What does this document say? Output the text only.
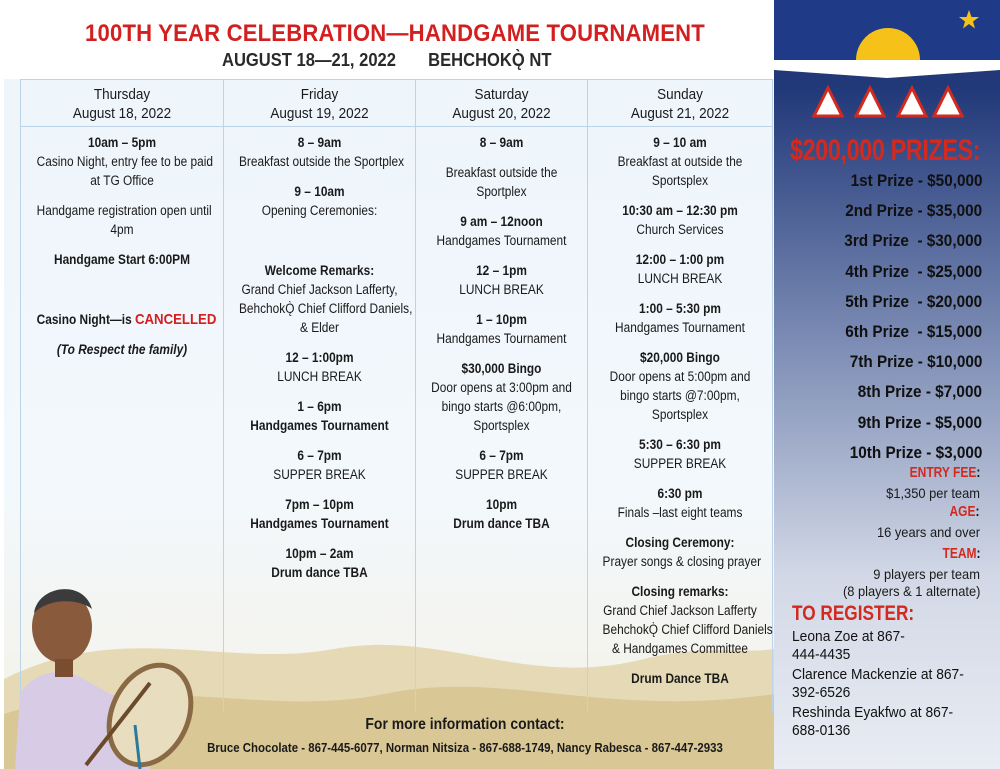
100TH YEAR CELEBRATION—HANDGAME TOURNAMENT
AUGUST 18—21, 2022       BEHCHOKǪ̀ NT
Thursday
August 18, 2022
10am – 5pm
Casino Night, entry fee to be paid
at TG Office
Handgame registration open until
4pm
Handgame Start 6:00PM

Casino Night—is CANCELLED
(To Respect the family)
Friday
August 19, 2022
8 – 9am
Breakfast outside the Sportplex
9 – 10am
Opening Ceremonies:

Welcome Remarks:
Grand Chief Jackson Lafferty,
BehchokǪ̀ Chief Clifford Daniels,
& Elder
12 – 1:00pm
LUNCH BREAK
1 – 6pm
Handgames Tournament
6 – 7pm
SUPPER BREAK
7pm – 10pm
Handgames Tournament
10pm – 2am
Drum dance TBA
Saturday
August 20, 2022
8 – 9am
Breakfast outside the
Sportplex
9 am – 12noon
Handgames Tournament
12 – 1pm
LUNCH BREAK
1 – 10pm
Handgames Tournament
$30,000 Bingo
Door opens at 3:00pm and
bingo starts @6:00pm,
Sportsplex
6 – 7pm
SUPPER BREAK
10pm
Drum dance TBA
Sunday
August 21, 2022
9 – 10 am
Breakfast at outside the
Sportsplex
10:30 am – 12:30 pm
Church Services
12:00 – 1:00 pm
LUNCH BREAK
1:00 – 5:30 pm
Handgames Tournament
$20,000 Bingo
Door opens at 5:00pm and
bingo starts @7:00pm,
Sportsplex
5:30 – 6:30 pm
SUPPER BREAK
6:30 pm
Finals –last eight teams
Closing Ceremony:
Prayer songs & closing prayer
Closing remarks:
Grand Chief Jackson Lafferty
BehchokǪ̀ Chief Clifford Daniels
& Handgames Committee
Drum Dance TBA
For more information contact:
Bruce Chocolate - 867-445-6077, Norman Nitsiza - 867-688-1749, Nancy Rabesca - 867-447-2933
$200,000 PRIZES:
1st Prize - $50,000
2nd Prize - $35,000
3rd Prize  - $30,000
4th Prize  - $25,000
5th Prize  - $20,000
6th Prize  - $15,000
7th Prize - $10,000
8th Prize - $7,000
9th Prize - $5,000
10th Prize - $3,000
ENTRY FEE:
$1,350 per team
AGE:
16 years and over
TEAM:
9 players per team
(8 players & 1 alternate)
TO REGISTER:
Leona Zoe at 867-
444-4435
Clarence Mackenzie at 867-
392-6526
Reshinda Eyakfwo at 867-
688-0136
